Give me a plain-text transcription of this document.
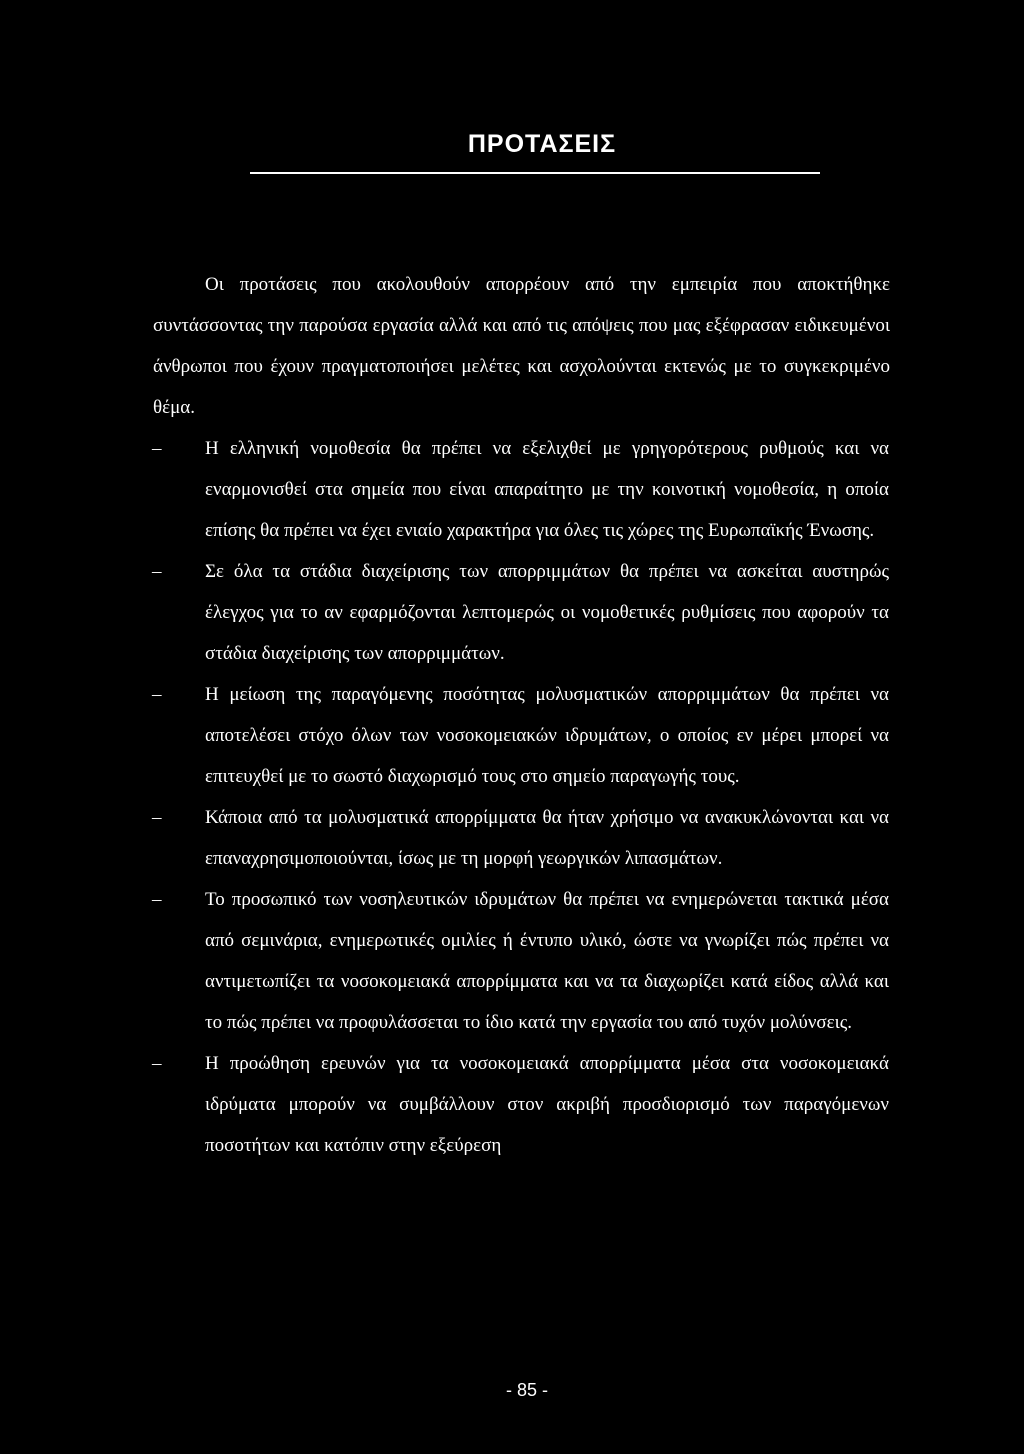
ΠΡΟΤΑΣΕΙΣ

Οι προτάσεις που ακολουθούν απορρέουν από την εμπειρία που αποκτήθηκε συντάσσοντας την παρούσα εργασία αλλά και από τις απόψεις που μας εξέφρασαν ειδικευμένοι άνθρωποι που έχουν πραγματοποιήσει μελέτες και ασχολούνται εκτενώς με το συγκεκριμένο θέμα.

– Η ελληνική νομοθεσία θα πρέπει να εξελιχθεί με γρηγορότερους ρυθμούς και να εναρμονισθεί στα σημεία που είναι απαραίτητο με την κοινοτική νομοθεσία, η οποία επίσης θα πρέπει να έχει ενιαίο χαρακτήρα για όλες τις χώρες της Ευρωπαϊκής Ένωσης.

– Σε όλα τα στάδια διαχείρισης των απορριμμάτων θα πρέπει να ασκείται αυστηρώς έλεγχος για το αν εφαρμόζονται λεπτομερώς οι νομοθετικές ρυθμίσεις που αφορούν τα στάδια διαχείρισης των απορριμμάτων.

– Η μείωση της παραγόμενης ποσότητας μολυσματικών απορριμμάτων θα πρέπει να αποτελέσει στόχο όλων των νοσοκομειακών ιδρυμάτων, ο οποίος εν μέρει μπορεί να επιτευχθεί με το σωστό διαχωρισμό τους στο σημείο παραγωγής τους.

– Κάποια από τα μολυσματικά απορρίμματα θα ήταν χρήσιμο να ανακυκλώνονται και να επαναχρησιμοποιούνται, ίσως με τη μορφή γεωργικών λιπασμάτων.

– Το προσωπικό των νοσηλευτικών ιδρυμάτων θα πρέπει να ενημερώνεται τακτικά μέσα από σεμινάρια, ενημερωτικές ομιλίες ή έντυπο υλικό, ώστε να γνωρίζει πώς πρέπει να αντιμετωπίζει τα νοσοκομειακά απορρίμματα και να τα διαχωρίζει κατά είδος αλλά και το πώς πρέπει να προφυλάσσεται το ίδιο κατά την εργασία του από τυχόν μολύνσεις.

– Η προώθηση ερευνών για τα νοσοκομειακά απορρίμματα μέσα στα νοσοκομειακά ιδρύματα μπορούν να συμβάλλουν στον ακριβή προσδιορισμό των παραγόμενων ποσοτήτων και κατόπιν στην εξεύρεση

- 85 -
